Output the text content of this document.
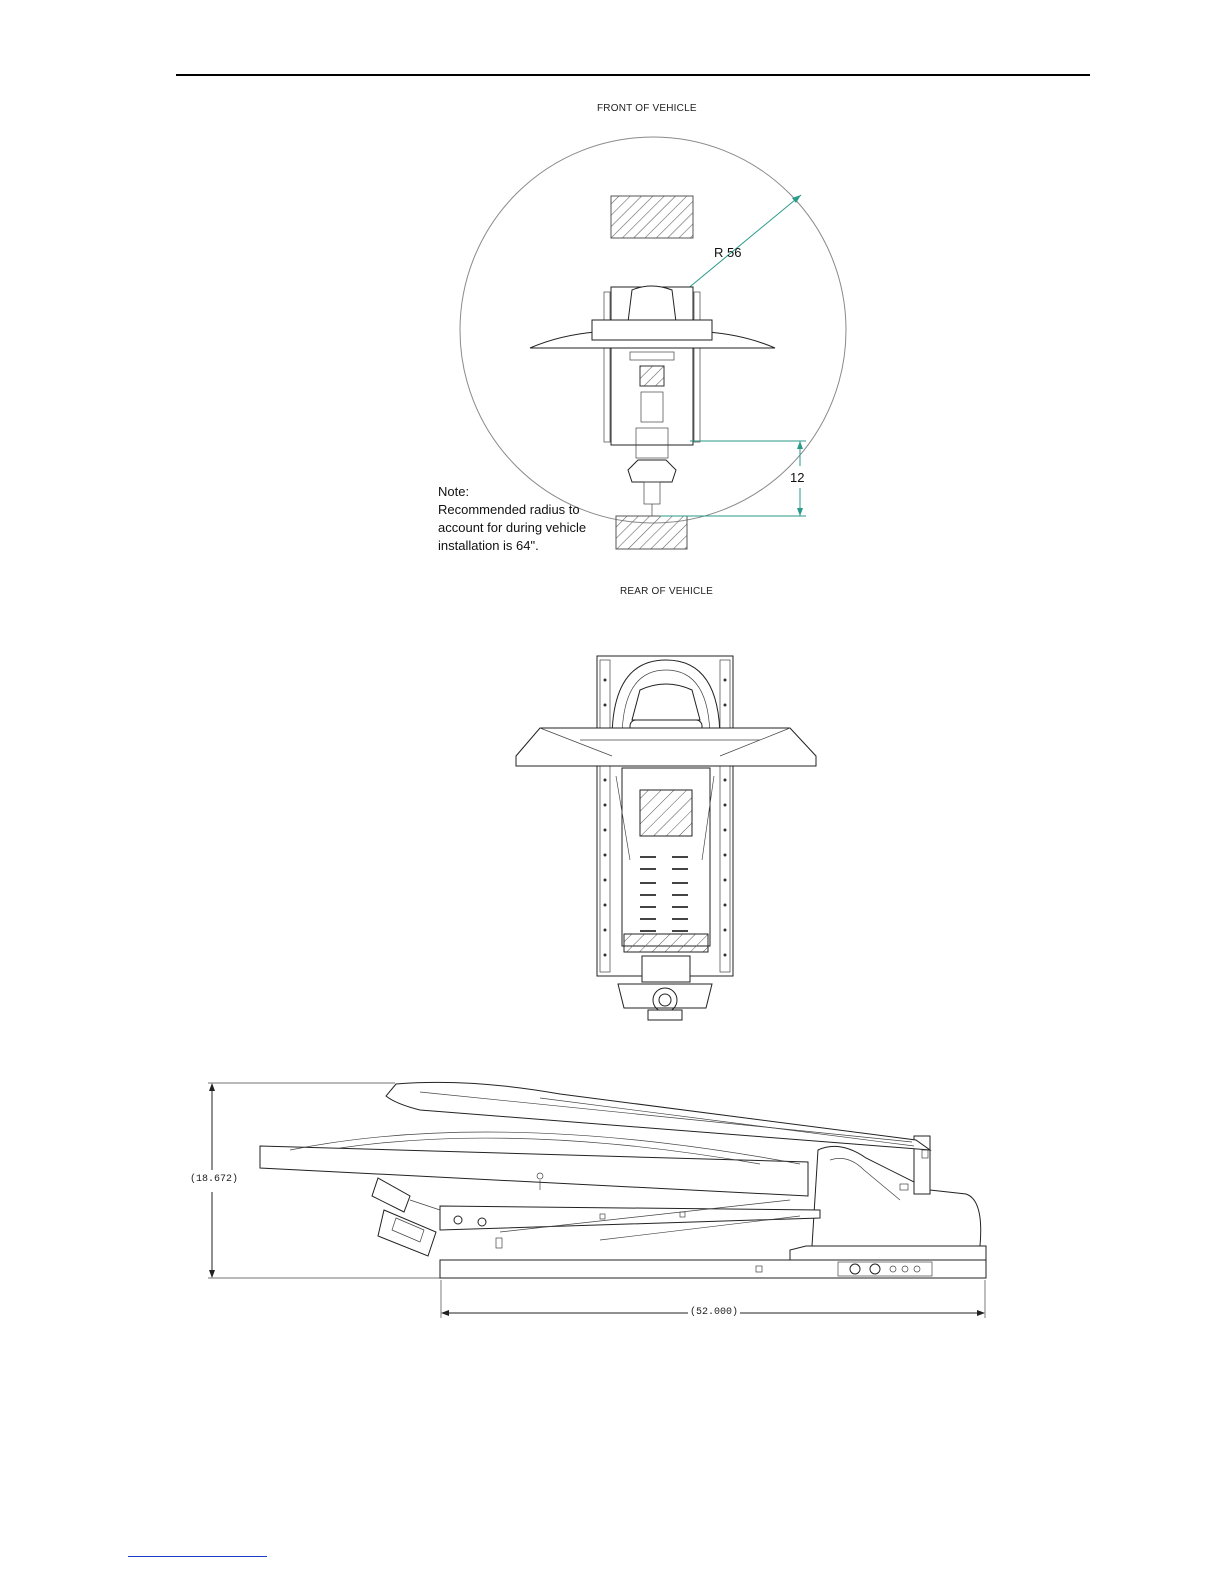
FRONT OF VEHICLE
R 56
12
Note:
Recommended radius to
account for during vehicle
installation is 64".
REAR OF VEHICLE
(18.672)
(52.000)
